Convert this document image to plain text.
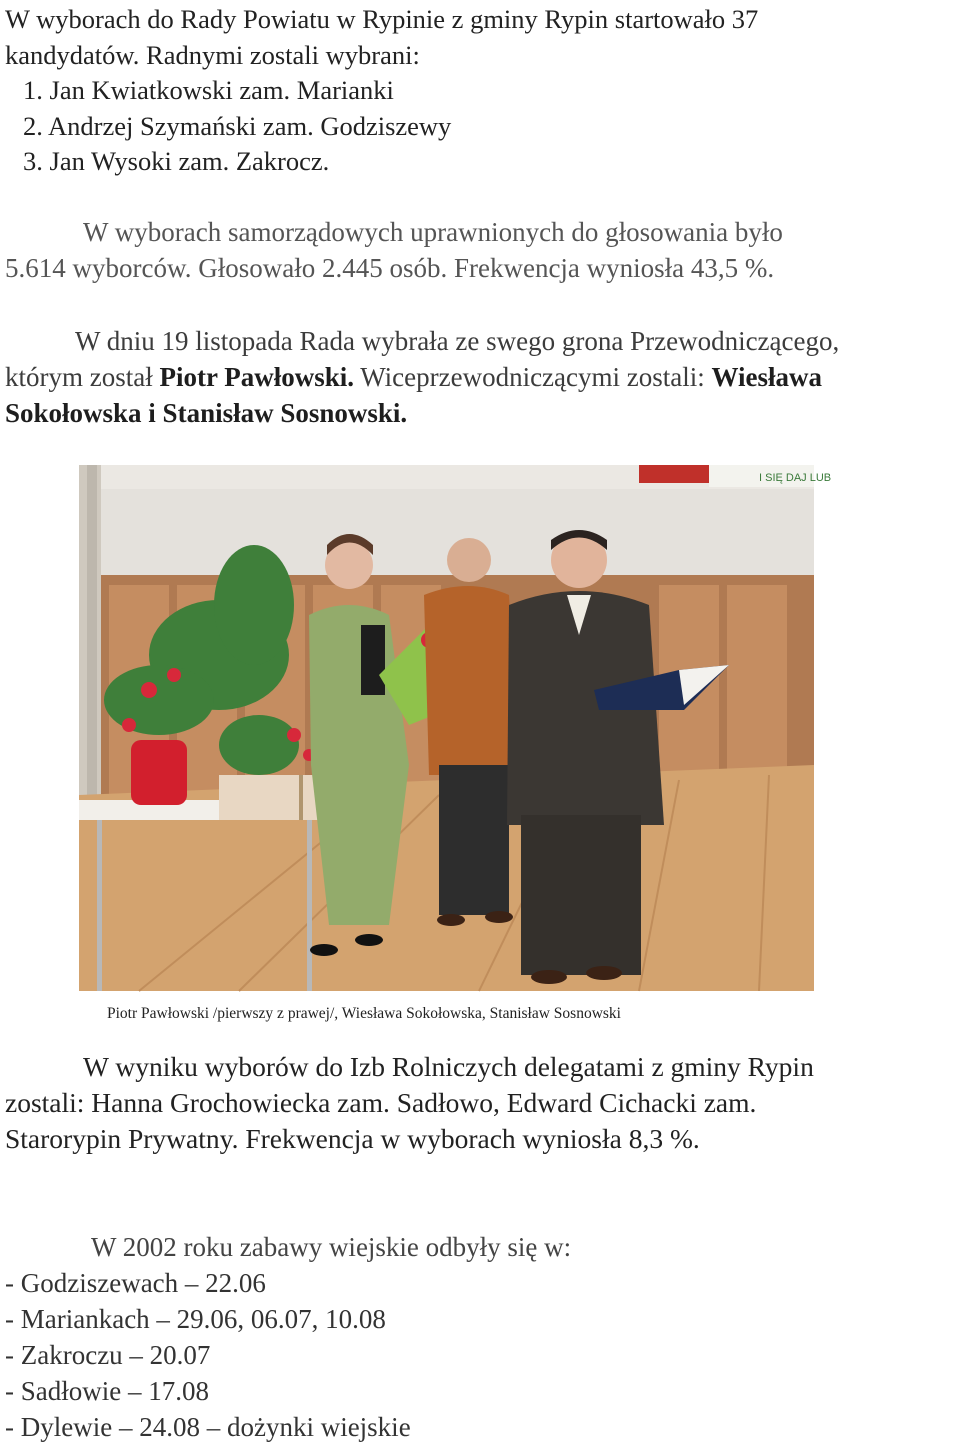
W wyborach do Rady Powiatu w Rypinie z gminy Rypin startowało 37
kandydatów. Radnymi zostali wybrani:
1. Jan Kwiatkowski zam. Marianki
2. Andrzej Szymański zam. Godziszewy
3. Jan Wysoki zam. Zakrocz.
W wyborach samorządowych uprawnionych do głosowania było
5.614 wyborców. Głosowało 2.445 osób. Frekwencja wyniosła 43,5 %.
W dniu 19 listopada Rada wybrała ze swego grona Przewodniczącego,
którym został Piotr Pawłowski. Wiceprzewodniczącymi zostali: Wiesława
Sokołowska i Stanisław Sosnowski.
I SIĘ DAJ LUB
Piotr Pawłowski /pierwszy z prawej/, Wiesława Sokołowska, Stanisław Sosnowski
W wyniku wyborów do Izb Rolniczych delegatami z gminy Rypin
zostali: Hanna Grochowiecka zam. Sadłowo, Edward Cichacki zam.
Starorypin Prywatny. Frekwencja w wyborach wyniosła 8,3 %.
W 2002 roku zabawy wiejskie odbyły się w:
- Godziszewach – 22.06
- Mariankach – 29.06, 06.07, 10.08
- Zakroczu – 20.07
- Sadłowie – 17.08
- Dylewie – 24.08 – dożynki wiejskie
